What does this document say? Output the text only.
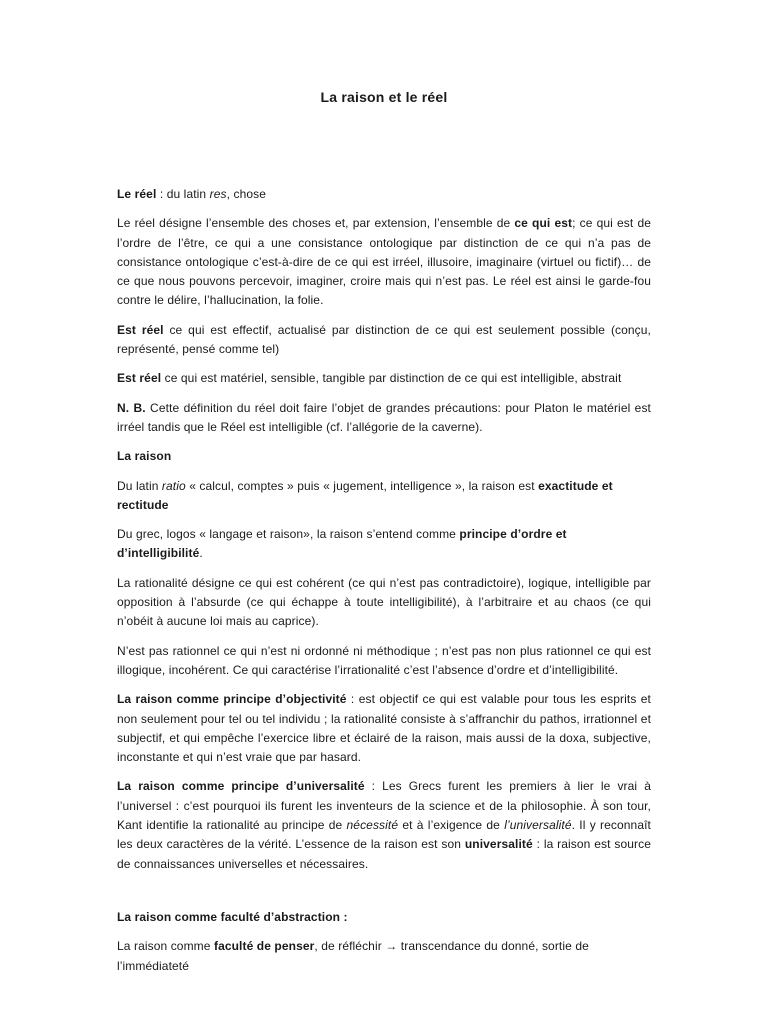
La raison et le réel

Le réel : du latin res, chose

Le réel désigne l’ensemble des choses et, par extension, l’ensemble de ce qui est; ce qui est de l’ordre de l’être, ce qui a une consistance ontologique par distinction de ce qui n’a pas de consistance ontologique c’est-à-dire de ce qui est irréel, illusoire, imaginaire (virtuel ou fictif)… de ce que nous pouvons percevoir, imaginer, croire mais qui n’est pas. Le réel est ainsi le garde-fou contre le délire, l’hallucination, la folie.

Est réel ce qui est effectif, actualisé par distinction de ce qui est seulement possible (conçu, représenté, pensé comme tel)

Est réel ce qui est matériel, sensible, tangible par distinction de ce qui est intelligible, abstrait

N. B. Cette définition du réel doit faire l’objet de grandes précautions: pour Platon le matériel est irréel tandis que le Réel est intelligible (cf. l’allégorie de la caverne).

La raison

Du latin ratio « calcul, comptes » puis « jugement, intelligence », la raison est exactitude et rectitude

Du grec, logos « langage et raison», la raison s’entend comme principe d’ordre et d’intelligibilité.

La rationalité désigne ce qui est cohérent (ce qui n’est pas contradictoire), logique, intelligible par opposition à l’absurde (ce qui échappe à toute intelligibilité), à l’arbitraire et au chaos (ce qui n’obéit à aucune loi mais au caprice).

N’est pas rationnel ce qui n’est ni ordonné ni méthodique ; n’est pas non plus rationnel ce qui est illogique, incohérent. Ce qui caractérise l’irrationalité c’est l’absence d’ordre et d’intelligibilité.

La raison comme principe d’objectivité : est objectif ce qui est valable pour tous les esprits et non seulement pour tel ou tel individu ; la rationalité consiste à s’affranchir du pathos, irrationnel et subjectif, et qui empêche l’exercice libre et éclairé de la raison, mais aussi de la doxa, subjective, inconstante et qui n’est vraie que par hasard.

La raison comme principe d’universalité : Les Grecs furent les premiers à lier le vrai à l’universel : c’est pourquoi ils furent les inventeurs de la science et de la philosophie. À son tour, Kant identifie la rationalité au principe de nécessité et à l’exigence de l’universalité. Il y reconnaît les deux caractères de la vérité. L’essence de la raison est son universalité : la raison est source de connaissances universelles et nécessaires.

La raison comme faculté d’abstraction :

La raison comme faculté de penser, de réfléchir → transcendance du donné, sortie de l’immédiateté
